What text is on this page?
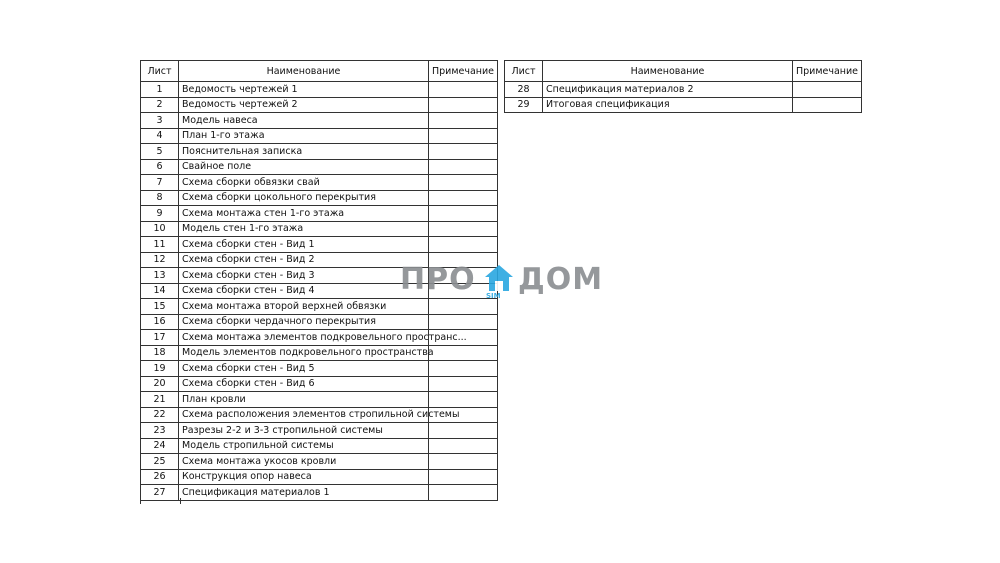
Лист	Наименование	Примечание
1	Ведомость чертежей 1	
2	Ведомость чертежей 2	
3	Модель навеса	
4	План 1-го этажа	
5	Пояснительная записка	
6	Свайное поле	
7	Схема сборки обвязки свай	
8	Схема сборки цокольного перекрытия	
9	Схема монтажа стен 1-го этажа	
10	Модель стен 1-го этажа	
11	Схема сборки стен - Вид 1	
12	Схема сборки стен - Вид 2	
13	Схема сборки стен - Вид 3	
14	Схема сборки стен - Вид 4	
15	Схема монтажа второй верхней обвязки	
16	Схема сборки чердачного перекрытия	
17	Схема монтажа элементов подкровельного пространс...	
18	Модель элементов подкровельного пространства	
19	Схема сборки стен - Вид 5	
20	Схема сборки стен - Вид 6	
21	План кровли	
22	Схема расположения элементов стропильной системы	
23	Разрезы 2-2 и 3-3 стропильной системы	
24	Модель стропильной системы	
25	Схема монтажа укосов кровли	
26	Конструкция опор навеса	
27	Спецификация материалов 1	
Лист	Наименование	Примечание
28	Спецификация материалов 2	
29	Итоговая спецификация	
ПРО SIM ДОМ
